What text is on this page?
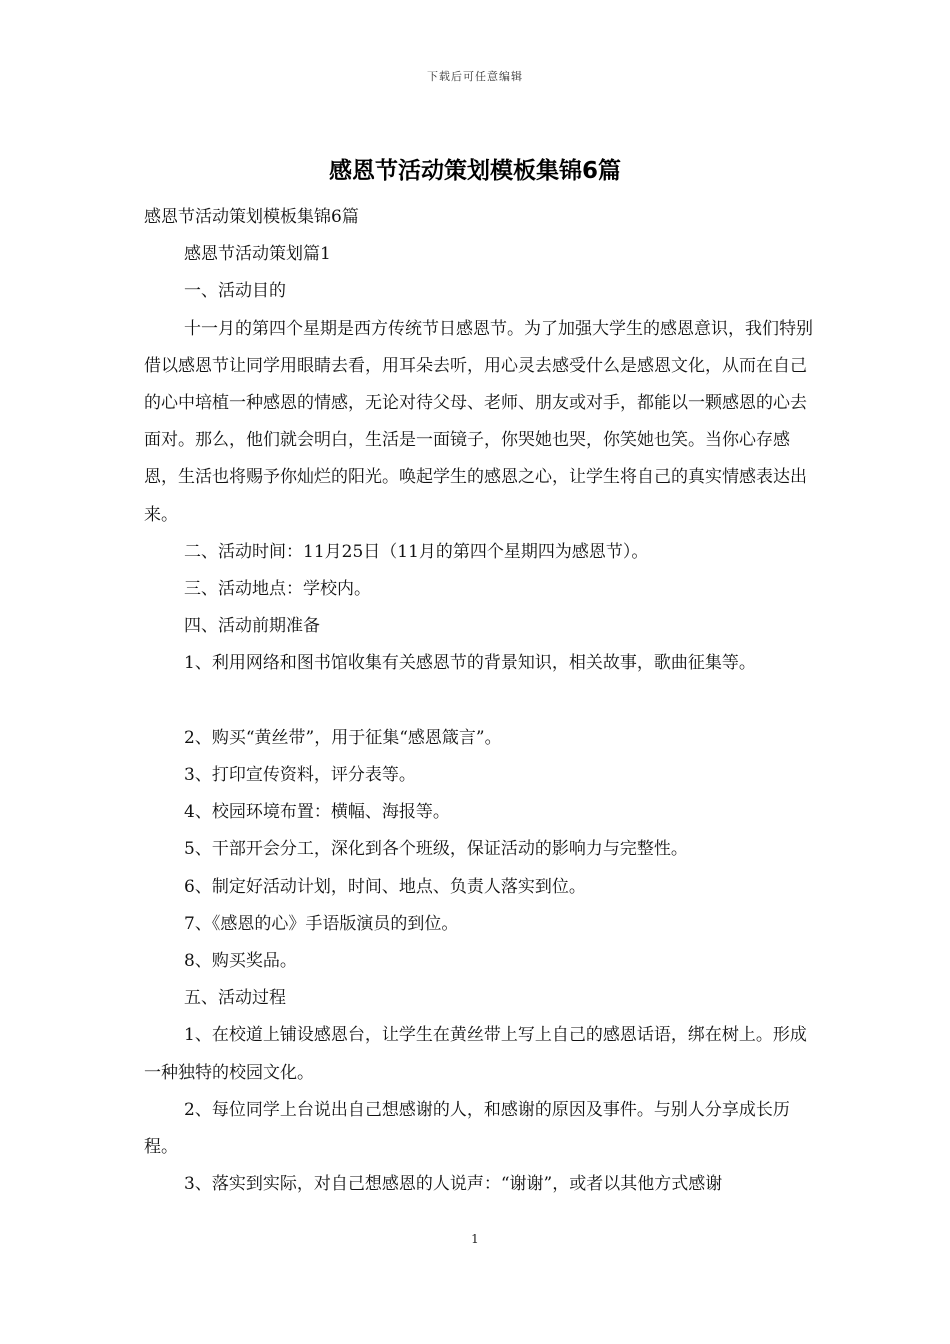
下载后可任意编辑
感恩节活动策划模板集锦6篇

感恩节活动策划模板集锦6篇

感恩节活动策划篇1

一、活动目的

十一月的第四个星期是西方传统节日感恩节。为了加强大学生的感恩意识，我们特别借以感恩节让同学用眼睛去看，用耳朵去听，用心灵去感受什么是感恩文化，从而在自己的心中培植一种感恩的情感，无论对待父母、老师、朋友或对手，都能以一颗感恩的心去面对。那么，他们就会明白，生活是一面镜子，你哭她也哭，你笑她也笑。当你心存感恩，生活也将赐予你灿烂的阳光。唤起学生的感恩之心，让学生将自己的真实情感表达出来。

二、活动时间：11月25日（11月的第四个星期四为感恩节）。

三、活动地点：学校内。

四、活动前期准备

1、利用网络和图书馆收集有关感恩节的背景知识，相关故事，歌曲征集等。

2、购买“黄丝带”，用于征集“感恩箴言”。

3、打印宣传资料，评分表等。

4、校园环境布置：横幅、海报等。

5、干部开会分工，深化到各个班级，保证活动的影响力与完整性。

6、制定好活动计划，时间、地点、负责人落实到位。

7、《感恩的心》手语版演员的到位。

8、购买奖品。

五、活动过程

1、在校道上铺设感恩台，让学生在黄丝带上写上自己的感恩话语，绑在树上。形成一种独特的校园文化。

2、每位同学上台说出自己想感谢的人，和感谢的原因及事件。与别人分享成长历程。

3、落实到实际，对自己想感恩的人说声：“谢谢”，或者以其他方式感谢

1
